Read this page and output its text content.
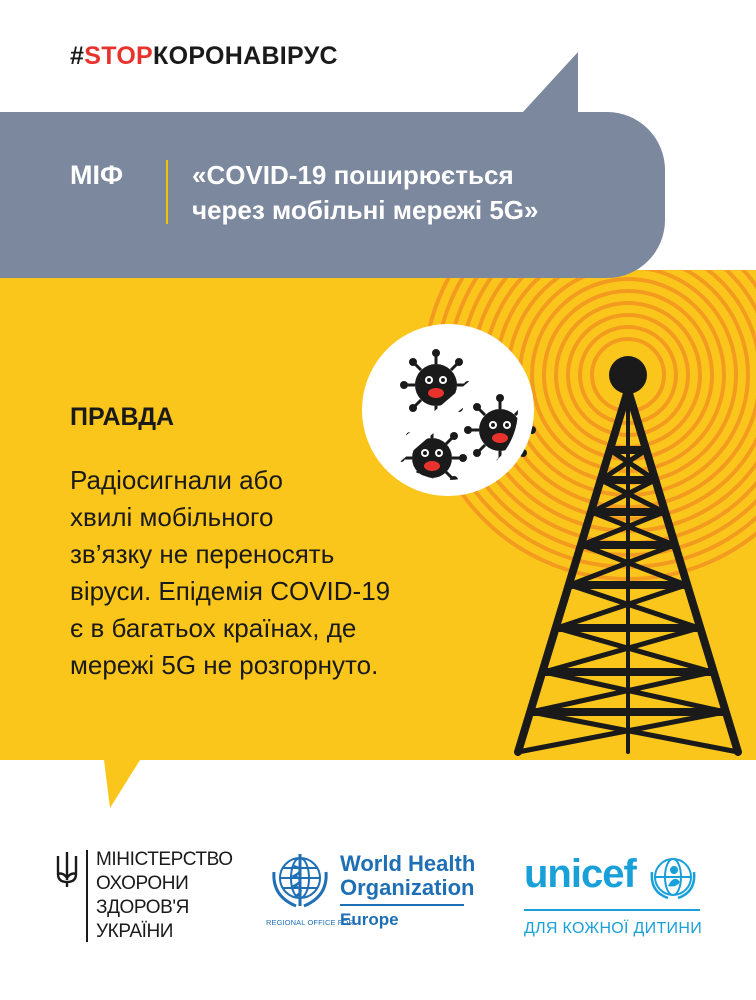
#STOPКОРОНАВІРУС
МІФ	«COVID-19 поширюється
через мобільні мережі 5G»
ПРАВДА
Радіосигнали або
хвилі мобільного
зв’язку не переносять
віруси. Епідемія COVID-19
є в багатьох країнах, де
мережі 5G не розгорнуто.
МІНІСТЕРСТВО
ОХОРОНИ
ЗДОРОВ'Я
УКРАЇНИ
World Health
Organization
REGIONAL OFFICE FOR
Europe
unicef
ДЛЯ КОЖНОЇ ДИТИНИ
